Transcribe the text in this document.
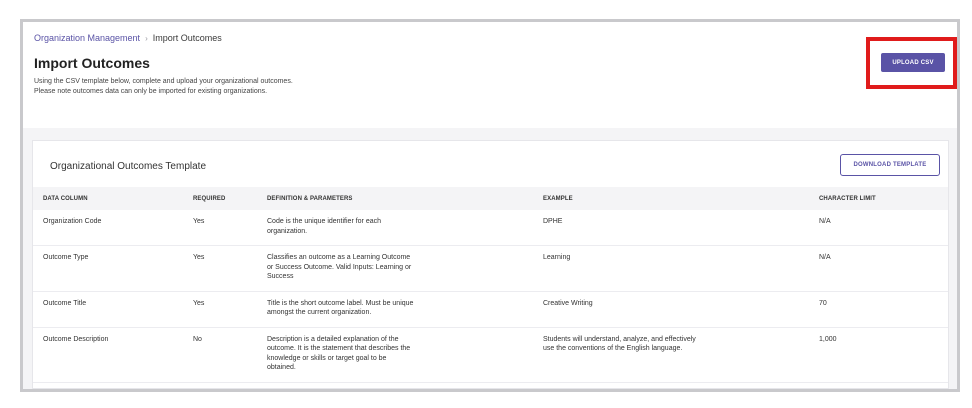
Organization Management › Import Outcomes
Import Outcomes
Using the CSV template below, complete and upload your organizational outcomes. Please note outcomes data can only be imported for existing organizations.
UPLOAD CSV
Organizational Outcomes Template	DOWNLOAD TEMPLATE
DATA COLUMN	REQUIRED	DEFINITION & PARAMETERS	EXAMPLE	CHARACTER LIMIT
Organization Code	Yes	Code is the unique identifier for each organization.	DPHE	N/A
Outcome Type	Yes	Classifies an outcome as a Learning Outcome or Success Outcome. Valid Inputs: Learning or Success	Learning	N/A
Outcome Title	Yes	Title is the short outcome label. Must be unique amongst the current organization.	Creative Writing	70
Outcome Description	No	Description is a detailed explanation of the outcome. It is the statement that describes the knowledge or skills or target goal to be obtained.	Students will understand, analyze, and effectively use the conventions of the English language.	1,000
